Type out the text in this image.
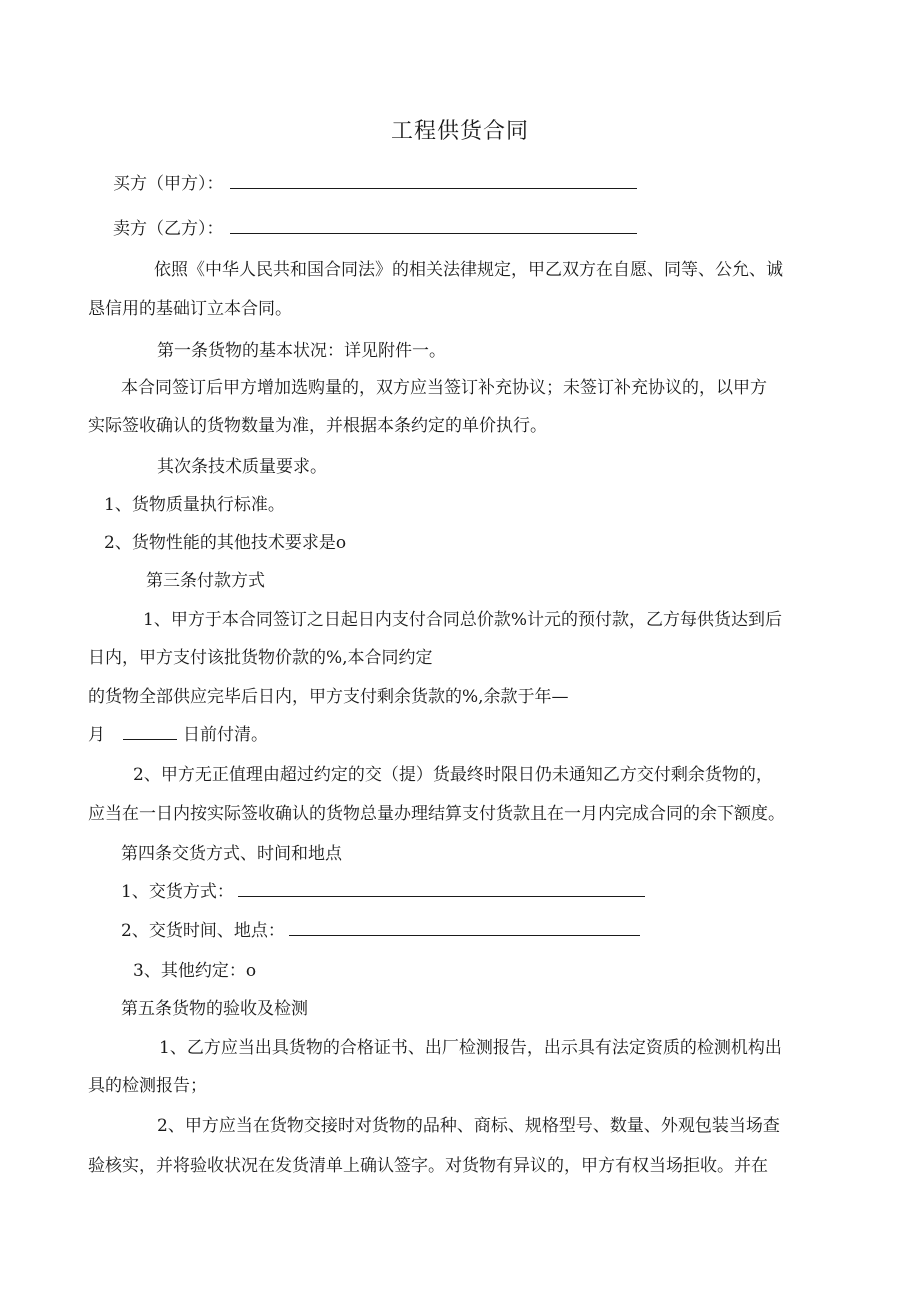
工程供货合同
买方（甲方）：
卖方（乙方）：
依照《中华人民共和国合同法》的相关法律规定，甲乙双方在自愿、同等、公允、诚
恳信用的基础订立本合同。
第一条货物的基本状况：详见附件一。
本合同签订后甲方增加选购量的，双方应当签订补充协议；未签订补充协议的，以甲方
实际签收确认的货物数量为准，并根据本条约定的单价执行。
其次条技术质量要求。
1、货物质量执行标准。
2、货物性能的其他技术要求是o
第三条付款方式
1、甲方于本合同签订之日起日内支付合同总价款%计元的预付款，乙方每供货达到后
日内，甲方支付该批货物价款的%,本合同约定
的货物全部供应完毕后日内，甲方支付剩余货款的%,余款于年—
月	日前付清。
2、甲方无正值理由超过约定的交（提）货最终时限日仍未通知乙方交付剩余货物的，
应当在一日内按实际签收确认的货物总量办理结算支付货款且在一月内完成合同的余下额度。
第四条交货方式、时间和地点
1、交货方式：
2、交货时间、地点：
3、其他约定：o
第五条货物的验收及检测
1、乙方应当出具货物的合格证书、出厂检测报告，出示具有法定资质的检测机构出
具的检测报告；
2、甲方应当在货物交接时对货物的品种、商标、规格型号、数量、外观包装当场查
验核实，并将验收状况在发货清单上确认签字。对货物有异议的，甲方有权当场拒收。并在
